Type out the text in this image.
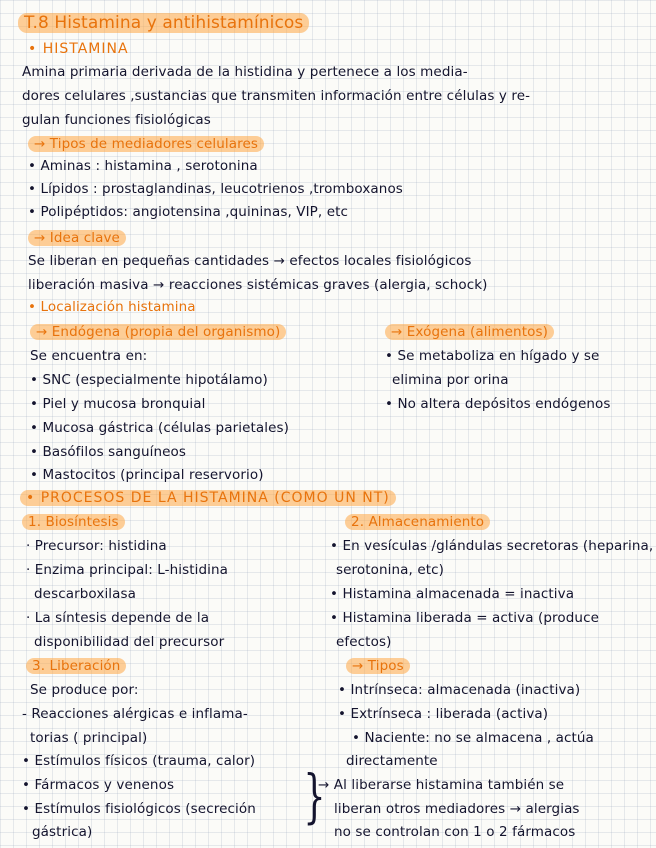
T.8 Histamina y antihistamínicos
• HISTAMINA
Amina primaria derivada de la histidina y pertenece a los media-
dores celulares ,sustancias que transmiten información entre células y re-
gulan funciones fisiológicas
→ Tipos de mediadores celulares
• Aminas : histamina , serotonina
• Lípidos : prostaglandinas, leucotrienos ,tromboxanos
• Polipéptidos: angiotensina ,quininas, VIP, etc
→ Idea clave
Se liberan en pequeñas cantidades → efectos locales fisiológicos
liberación masiva → reacciones sistémicas graves (alergia, schock)
• Localización histamina
→ Endógena (propia del organismo)
Se encuentra en:
• SNC (especialmente hipotálamo)
• Piel y mucosa bronquial
• Mucosa gástrica (células parietales)
• Basófilos sanguíneos
• Mastocitos (principal reservorio)
→ Exógena (alimentos)
• Se metaboliza en hígado y se
elimina por orina
• No altera depósitos endógenos
• PROCESOS DE LA HISTAMINA (COMO UN NT)
1. Biosíntesis
· Precursor: histidina
· Enzima principal: L-histidina
descarboxilasa
· La síntesis depende de la
disponibilidad del precursor
2. Almacenamiento
• En vesículas /glándulas secretoras (heparina,
serotonina, etc)
• Histamina almacenada = inactiva
• Histamina liberada = activa (produce
efectos)
3. Liberación
Se produce por:
- Reacciones alérgicas e inflama-
torias ( principal)
• Estímulos físicos (trauma, calor)
• Fármacos y venenos
• Estímulos fisiológicos (secreción
gástrica)
→ Tipos
• Intrínseca: almacenada (inactiva)
• Extrínseca : liberada (activa)
• Naciente: no se almacena , actúa
directamente
}
→ Al liberarse histamina también se
liberan otros mediadores → alergias
no se controlan con 1 o 2 fármacos
